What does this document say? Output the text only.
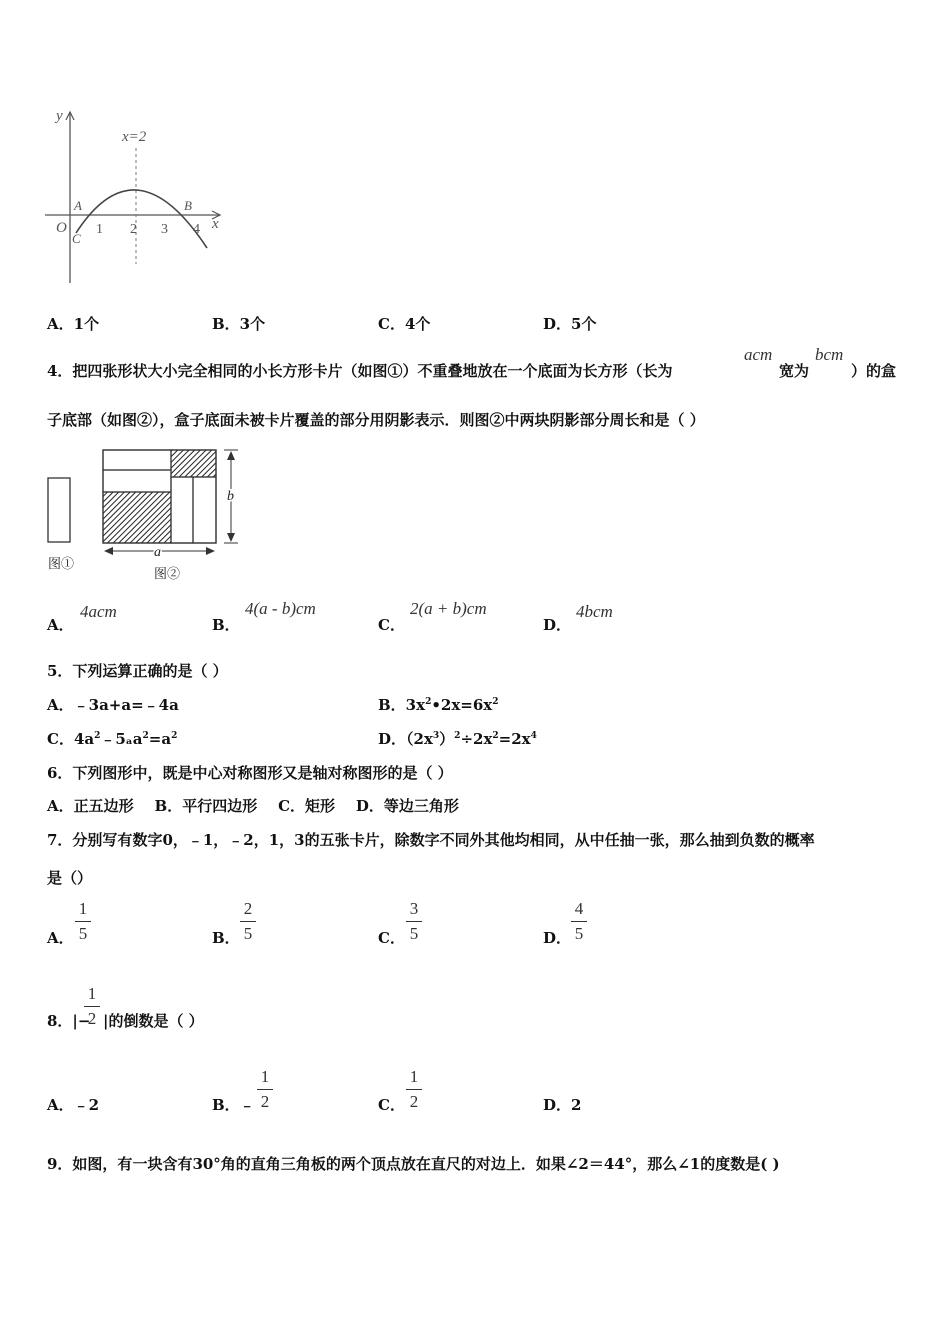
y
x
x=2
O
A	B
C
1 2 3 4
A．1个	B．3个	C．4个	D．5个
4．把四张形状大小完全相同的小长方形卡片（如图①）不重叠地放在一个底面为长方形（长为
acm
宽为
bcm
）的盒
子底部（如图②），盒子底面未被卡片覆盖的部分用阴影表示．则图②中两块阴影部分周长和是（ ）
图①
b
a
图②
A．
4acm
B．
4(a - b)cm
C．
2(a + b)cm
D．
4bcm
5．下列运算正确的是（ ）
A．﹣3a+a=﹣4a	B．$3x^2•2x=6x^2$
C．$4a^2﹣5_aa^2=a^2$	D．$(2x^3)^2\div 2x^2=2x^4$
6．下列图形中，既是中心对称图形又是轴对称图形的是（ ）
A．正五边形    B．平行四边形    C．矩形    D．等边三角形
7．分别写有数字0，﹣1，﹣2，1，3的五张卡片，除数字不同外其他均相同，从中任抽一张，那么抽到负数的概率
是（）
A．
1
5	B．
2
5	C．
3
5	D．
4
5
8．|−
1
2 |的倒数是（ ）
A．﹣2	B．﹣
1
2	C．
1
2	D．2
9．如图，有一块含有30°角的直角三角板的两个顶点放在直尺的对边上．如果∠2＝44°，那么∠1的度数是( )
